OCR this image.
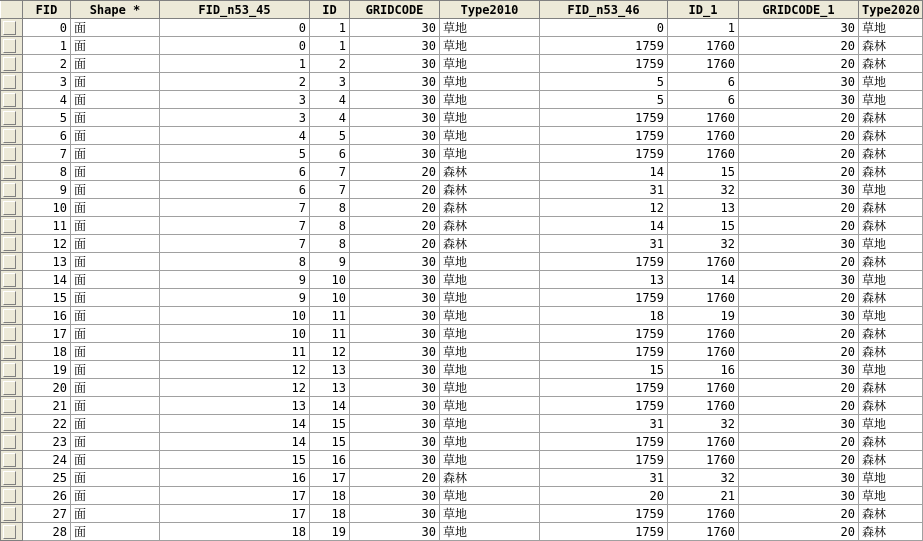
	FID	Shape *	FID_n53_45	ID	GRIDCODE	Type2010	FID_n53_46	ID_1	GRIDCODE_1	Type2020

	0	面	0	1	30	草地	0	1	30	草地

	1	面	0	1	30	草地	1759	1760	20	森林

	2	面	1	2	30	草地	1759	1760	20	森林

	3	面	2	3	30	草地	5	6	30	草地

	4	面	3	4	30	草地	5	6	30	草地

	5	面	3	4	30	草地	1759	1760	20	森林

	6	面	4	5	30	草地	1759	1760	20	森林

	7	面	5	6	30	草地	1759	1760	20	森林

	8	面	6	7	20	森林	14	15	20	森林

	9	面	6	7	20	森林	31	32	30	草地

	10	面	7	8	20	森林	12	13	20	森林

	11	面	7	8	20	森林	14	15	20	森林

	12	面	7	8	20	森林	31	32	30	草地

	13	面	8	9	30	草地	1759	1760	20	森林

	14	面	9	10	30	草地	13	14	30	草地

	15	面	9	10	30	草地	1759	1760	20	森林

	16	面	10	11	30	草地	18	19	30	草地

	17	面	10	11	30	草地	1759	1760	20	森林

	18	面	11	12	30	草地	1759	1760	20	森林

	19	面	12	13	30	草地	15	16	30	草地

	20	面	12	13	30	草地	1759	1760	20	森林

	21	面	13	14	30	草地	1759	1760	20	森林

	22	面	14	15	30	草地	31	32	30	草地

	23	面	14	15	30	草地	1759	1760	20	森林

	24	面	15	16	30	草地	1759	1760	20	森林

	25	面	16	17	20	森林	31	32	30	草地

	26	面	17	18	30	草地	20	21	30	草地

	27	面	17	18	30	草地	1759	1760	20	森林

	28	面	18	19	30	草地	1759	1760	20	森林
